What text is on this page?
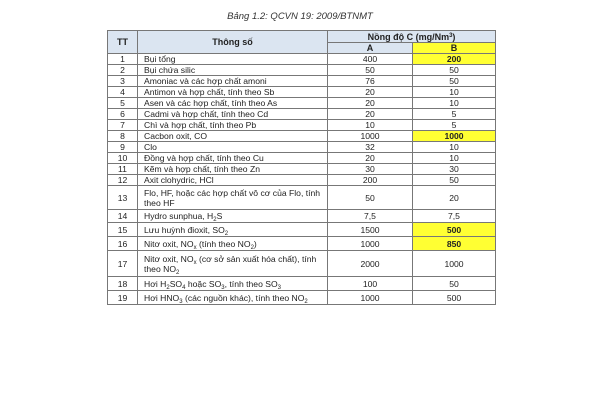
Bảng 1.2: QCVN 19: 2009/BTNMT
TT	Thông số	Nồng độ C (mg/Nm$^3$)	
		A	B
1	Bụi tổng	400	200
2	Bụi chứa silic	50	50
3	Amoniac và các hợp chất amoni	76	50
4	Antimon và hợp chất, tính theo Sb	20	10
5	Asen và các hợp chất, tính theo As	20	10
6	Cadmi và hợp chất, tính theo Cd	20	5
7	Chì và hợp chất, tính theo Pb	10	5
8	Cacbon oxit, CO	1000	1000
9	Clo	32	10
10	Đồng và hợp chất, tính theo Cu	20	10
11	Kẽm và hợp chất, tính theo Zn	30	30
12	Axit clohydric, HCl	200	50
13	Flo, HF, hoặc các hợp chất vô cơ của Flo, tính theo HF	50	20
14	Hydro sunphua, $H_2S$	7,5	7,5
15	Lưu huỳnh đioxit, $SO_2$	1500	500
16	Nitơ oxit, $NO_x$ (tính theo $NO_2$)	1000	850
17	Nitơ oxit, $NO_x$ (cơ sở sản xuất hóa chất), tính theo $NO_2$	2000	1000
18	Hơi $H_2SO_4$ hoặc $SO_3$, tính theo $SO_3$	100	50
19	Hơi $HNO_3$ (các nguồn khác), tính theo $NO_2$	1000	500
